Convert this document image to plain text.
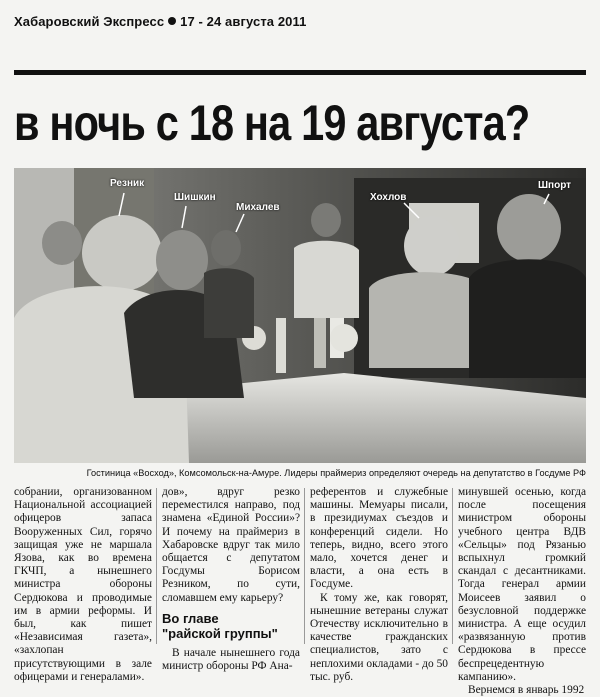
Хабаровский Экспресс 17 - 24 августа 2011
в ночь с 18 на 19 августа?
Резник
Шишкин
Михалев
Хохлов
Шпорт
Гостиница «Восход», Комсомольск-на-Амуре. Лидеры праймериз определяют очередь на депутатство в Госдуме РФ

собрании, организованном Национальной ассоциацией офицеров запаса Вооруженных Сил, горячо защищая уже не маршала Язова, как во времена ГКЧП, а нынешнего министра обороны Сердюкова и проводимые им в армии реформы. И был, как пишет «Независимая газета», «захлопан присутствующими в зале офицерами и генералами».

дов», вдруг резко переместился направо, под знамена «Единой России»? И почему на праймериз в Хабаровске вдруг так мило общается с депутатом Госдумы Борисом Резником, по сути, сломавшем ему карьеру?

Во главе

"райской группы"

В начале нынешнего года министр обороны РФ Ана-

референтов и служебные машины. Мемуары писали, в президиумах съездов и конференций сидели. Но теперь, видно, всего этого мало, хочется денег и власти, а она есть в Госдуме.

К тому же, как говорят, нынешние ветераны служат Отечеству исключительно в качестве гражданских специалистов, зато с неплохими окладами - до 50 тыс. руб.

минувшей осенью, когда после посещения министром обороны учебного центра ВДВ «Сельцы» под Рязанью вспыхнул громкий скандал с десантниками. Тогда генерал армии Моисеев заявил о безусловной поддержке министра. А еще осудил «развязанную против Сердюкова в прессе беспрецедентную кампанию».

Вернемся в январь 1992
